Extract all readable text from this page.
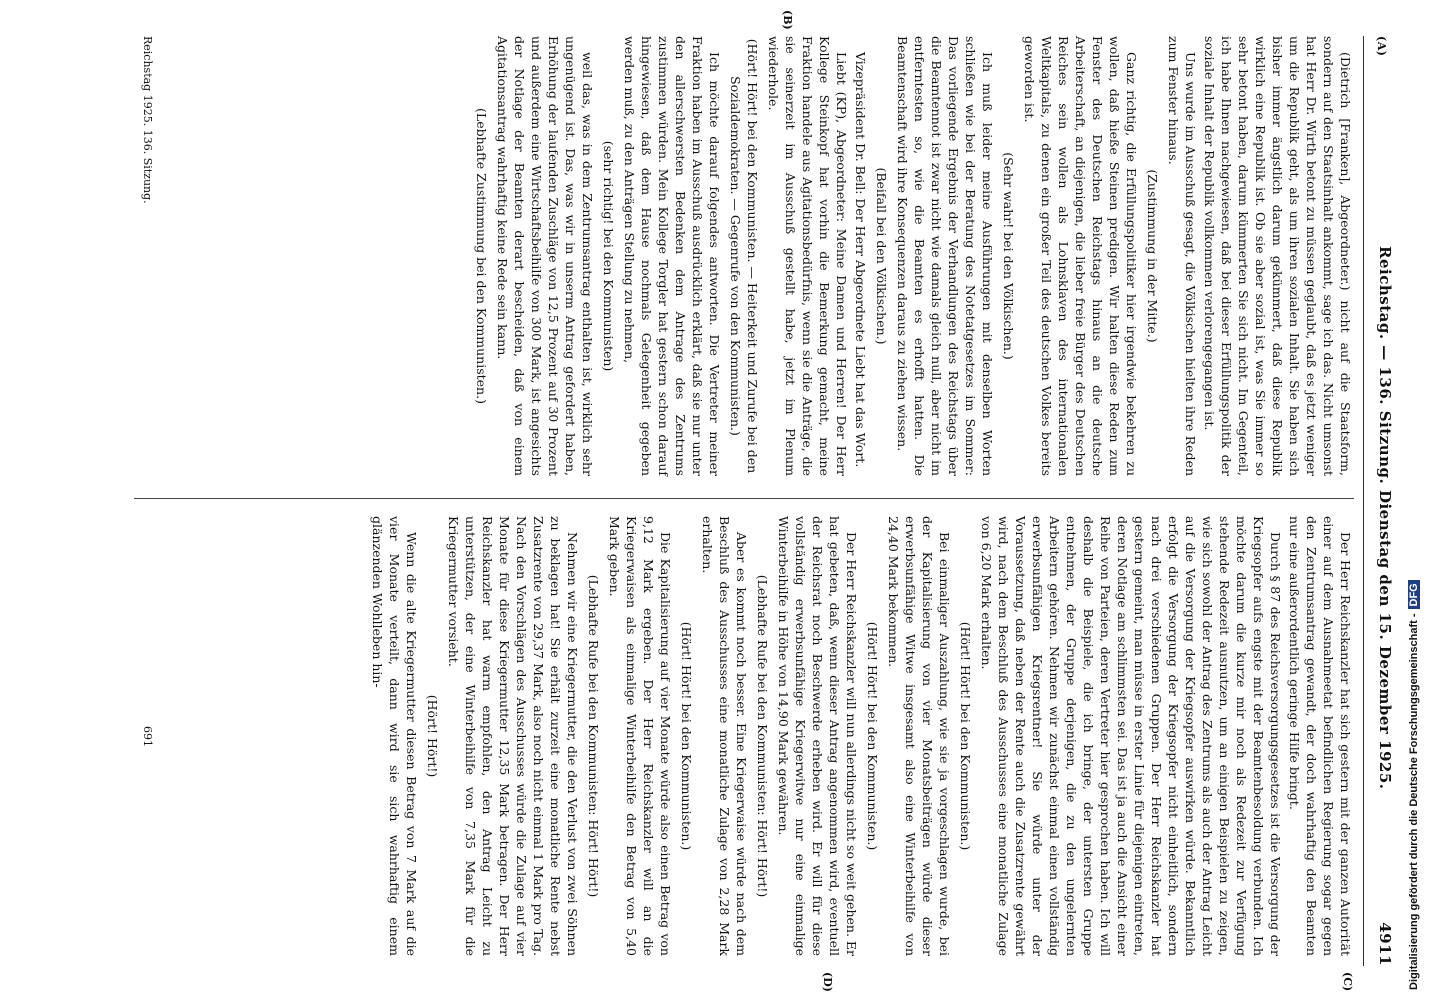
(A)
Reichstag. — 136. Sitzung. Dienstag den 15. Dezember 1925.
4911

(Dietrich [Franken], Abgeordneter.) nicht auf die Staatsform, sondern auf den Staatsinhalt ankommt, sage ich das. Nicht umsonst hat Herr Dr. Wirth betont zu müssen geglaubt, daß es jetzt weniger um die Republik geht, als um ihren sozialen Inhalt. Sie haben sich bisher immer ängstlich darum gekümmert, daß diese Republik wirklich eine Republik ist. Ob sie aber sozial ist, was Sie immer so sehr betont haben, darum kümmerten Sie sich nicht. Im Gegenteil, ich habe Ihnen nachgewiesen, daß bei dieser Erfüllungspolitik der soziale Inhalt der Republik vollkommen verlorengegangen ist.

Uns wurde im Ausschuß gesagt, die Völkischen hielten ihre Reden zum Fenster hinaus.

(Zustimmung in der Mitte.)

Ganz richtig, die Erfüllungspolitiker hier irgendwie bekehren zu wollen, daß hieße Steinen predigen. Wir halten diese Reden zum Fenster des Deutschen Reichstags hinaus an die deutsche Arbeiterschaft, an diejenigen, die lieber freie Bürger des Deutschen Reiches sein wollen als Lohnsklaven des internationalen Weltkapitals, zu denen ein großer Teil des deutschen Volkes bereits geworden ist.

(Sehr wahr! bei den Völkischen.)

Ich muß leider meine Ausführungen mit denselben Worten schließen wie bei der Beratung des Notetatgesetzes im Sommer: Das vorliegende Ergebnis der Verhandlungen des Reichstags über die Beamtennot ist zwar nicht wie damals gleich null, aber nicht im entferntesten so, wie die Beamten es erhofft hatten. Die Beamtenschaft wird ihre Konsequenzen daraus zu ziehen wissen.

(Beifall bei den Völkischen.)

Vizepräsident Dr. Bell: Der Herr Abgeordnete Liebt hat das Wort.

Liebt (KP), Abgeordneter: Meine Damen und Herren! Der Herr Kollege Steinkopf hat vorhin die Bemerkung gemacht, meine Fraktion handele aus Agitationsbedürfnis, wenn sie die Anträge, die sie seinerzeit im Ausschuß gestellt habe, jetzt im Plenum wiederhole.

(Hört! Hört! bei den Kommunisten. — Heiterkeit und Zurufe bei den Sozialdemokraten. — Gegenrufe von den Kommunisten.)

Ich möchte darauf folgendes antworten. Die Vertreter meiner Fraktion haben im Ausschuß ausdrücklich erklärt, daß sie nur unter den allerschwersten Bedenken dem Antrage des Zentrums zustimmen würden. Mein Kollege Torgler hat gestern schon darauf hingewiesen, daß dem Hause nochmals Gelegenheit gegeben werden muß, zu den Anträgen Stellung zu nehmen,

(sehr richtig! bei den Kommunisten)

weil das, was in dem Zentrumsantrag enthalten ist, wirklich sehr ungenügend ist. Das, was wir in unserm Antrag gefordert haben, Erhöhung der laufenden Zuschläge von 12,5 Prozent auf 30 Prozent und außerdem eine Wirtschaftsbeihilfe von 300 Mark, ist angesichts der Notlage der Beamten derart bescheiden, daß von einem Agitationsantrag wahrhaftig keine Rede sein kann.

(Lebhafte Zustimmung bei den Kommunisten.)

Der Herr Reichskanzler hat sich gestern mit der ganzen Autorität einer auf dem Ausnahmeetat befindlichen Regierung sogar gegen den Zentrumsantrag gewandt, der doch wahrhaftig den Beamten nur eine außerordentlich geringe Hilfe bringt.

Durch § 87 des Reichsversorgungsgesetzes ist die Versorgung der Kriegsopfer aufs engste mit der Beamtenbesoldung verbunden. Ich möchte darum die kurze mir noch als Redezeit zur Verfügung stehende Redezeit ausnutzen, um an einigen Beispielen zu zeigen, wie sich sowohl der Antrag des Zentrums als auch der Antrag Leicht auf die Versorgung der Kriegsopfer auswirken würde. Bekanntlich erfolgt die Versorgung der Kriegsopfer nicht einheitlich, sondern nach drei verschiedenen Gruppen. Der Herr Reichskanzler hat gestern gemeint, man müsse in erster Linie für diejenigen eintreten, deren Notlage am schlimmsten sei. Das ist ja auch die Ansicht einer Reihe von Parteien, deren Vertreter hier gesprochen haben. Ich will deshalb die Beispiele, die ich bringe, der untersten Gruppe entnehmen, der Gruppe derjenigen, die zu den ungelernten Arbeitern gehören. Nehmen wir zunächst einmal einen vollständig erwerbsunfähigen Kriegsrentner! Sie würde unter der Voraussetzung, daß neben der Rente auch die Zusatzrente gewährt wird, nach dem Beschluß des Ausschusses eine monatliche Zulage von 6,20 Mark erhalten.

(Hört! Hört! bei den Kommunisten.)

Bei einmaliger Auszahlung, wie sie ja vorgeschlagen wurde, bei der Kapitalisierung von vier Monatsbeiträgen würde dieser erwerbsunfähige Witwe insgesamt also eine Winterbeihilfe von 24,40 Mark bekommen.

(Hört! Hört! bei den Kommunisten.)

Der Herr Reichskanzler will nun allerdings nicht so weit gehen. Er hat gebeten, daß, wenn dieser Antrag angenommen wird, eventuell der Reichsrat noch Beschwerde erheben wird. Er will für diese vollständig erwerbsunfähige Kriegerwitwe nur eine einmalige Winterbeihilfe in Höhe von 14,90 Mark gewähren.

(Lebhafte Rufe bei den Kommunisten: Hört! Hört!)

Aber es kommt noch besser. Eine Kriegerwaise würde nach dem Beschluß des Ausschusses eine monatliche Zulage von 2,28 Mark erhalten.

(Hört! Hört! bei den Kommunisten.)

Die Kapitalisierung auf vier Monate würde also einen Betrag von 9,12 Mark ergeben. Der Herr Reichskanzler will an die Kriegerwaisen als einmalige Winterbeihilfe den Betrag von 5,40 Mark geben.

(Lebhafte Rufe bei den Kommunisten: Hört! Hört!)

Nehmen wir eine Kriegermutter, die den Verlust von zwei Söhnen zu beklagen hat! Sie erhält zurzeit eine monatliche Rente nebst Zusatzrente von 29,37 Mark, also noch nicht einmal 1 Mark pro Tag. Nach den Vorschlägen des Ausschusses würde die Zulage auf vier Monate für diese Kriegermutter 12,35 Mark betragen. Der Herr Reichskanzler hat warm empfohlen, den Antrag Leicht zu unterstützen, der eine Winterbeihilfe von 7,35 Mark für die Kriegermutter vorsieht.

(Hört! Hört!)

Wenn die alte Kriegermutter diesen Betrag von 7 Mark auf die vier Monate verteilt, dann wird sie sich wahrhaftig einem glänzenden Wohlleben hin-

(B)
(C)
(D)
Reichstag 1925. 136. Sitzung.
691	Digitalisierung gefördert durch die Deutsche Forschungsgemeinschaft -DFG
